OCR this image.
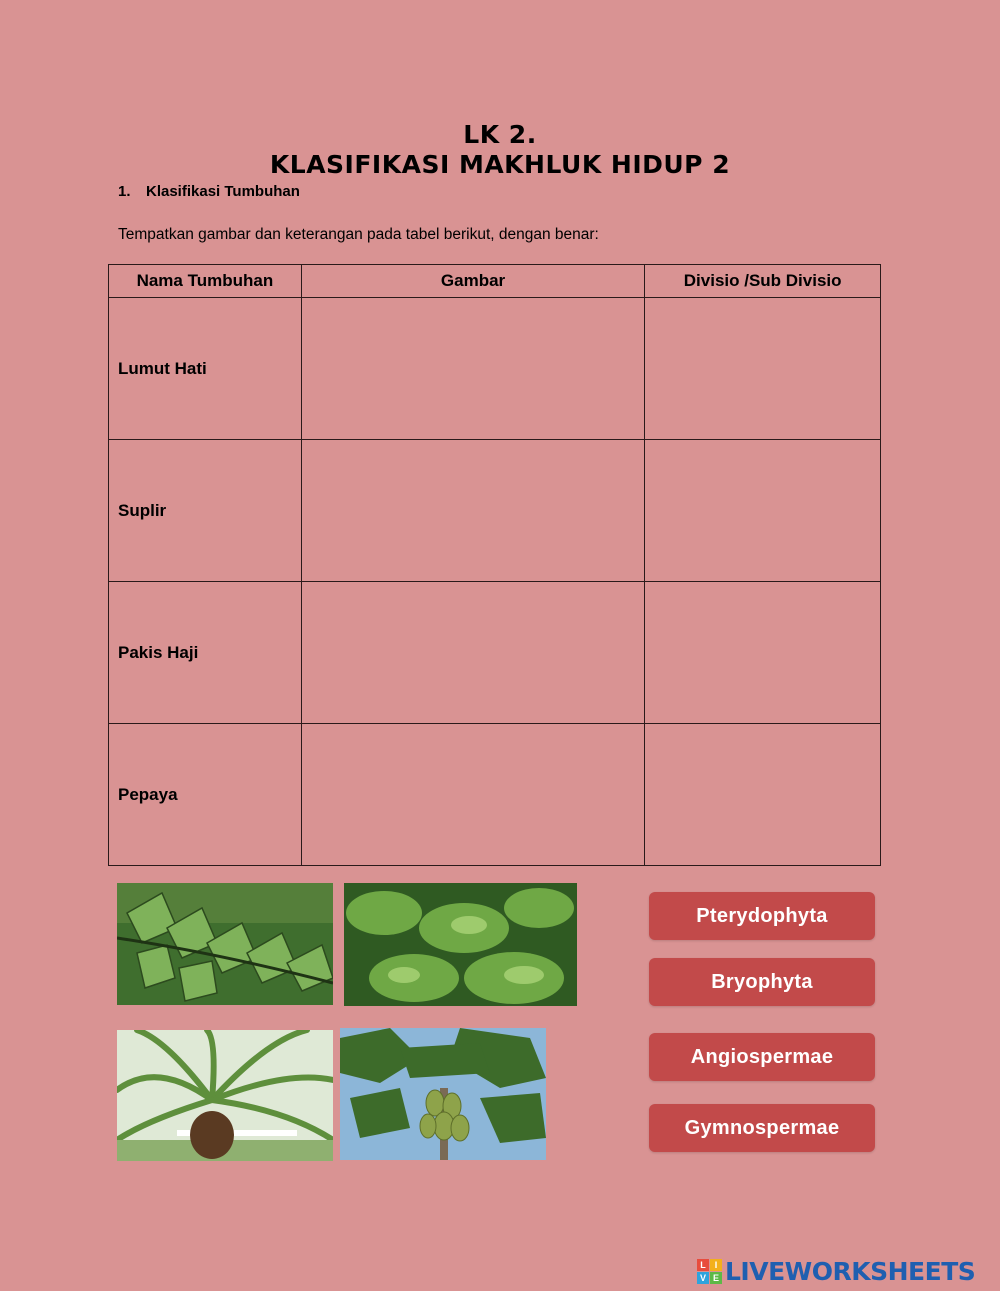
LK 2.
KLASIFIKASI MAKHLUK HIDUP 2
1. Klasifikasi Tumbuhan
Tempatkan gambar dan keterangan pada tabel berikut, dengan benar:
Nama Tumbuhan	Gambar	Divisio /Sub Divisio
Lumut Hati		
Suplir		
Pakis Haji		
Pepaya		
Pterydophyta
Bryophyta
Angiospermae
Gymnospermae
L I
V E LIVEWORKSHEETS
